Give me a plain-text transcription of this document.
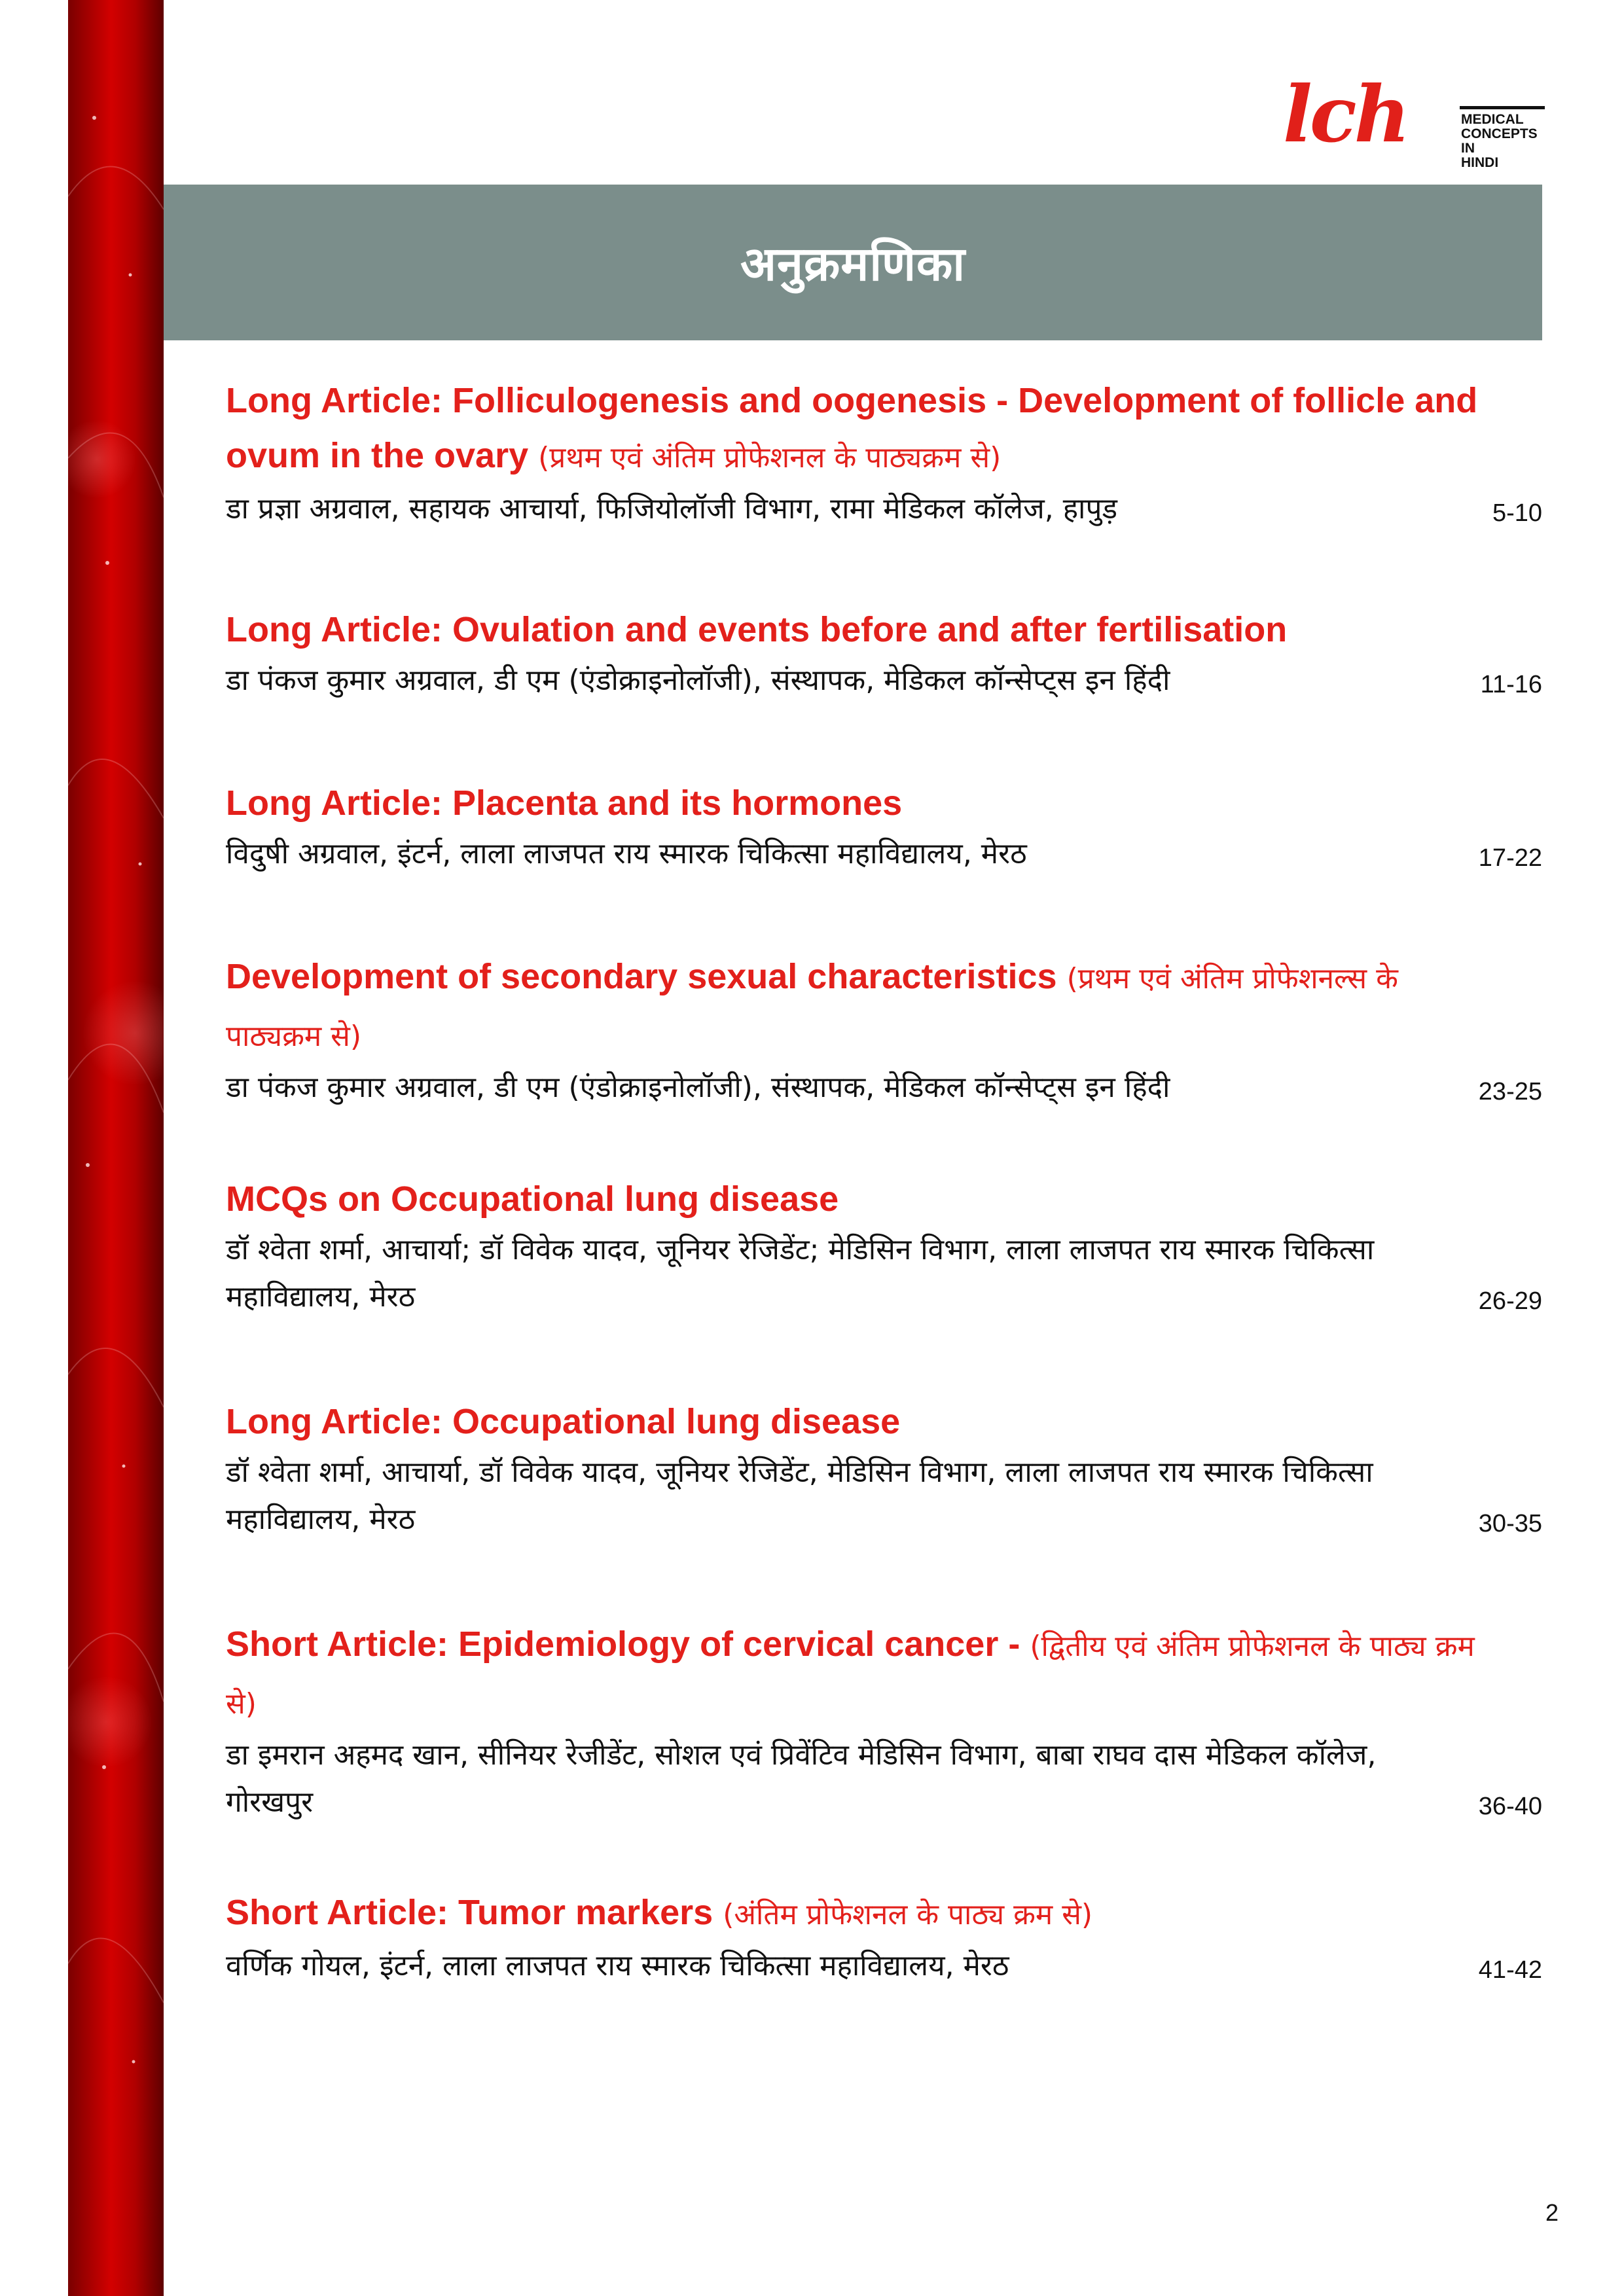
lch	MEDICAL
CONCEPTS IN
HINDI
अनुक्रमणिका

Long Article: Folliculogenesis and oogenesis - Development of follicle and ovum in the ovary (प्रथम एवं अंतिम प्रोफेशनल के पाठ्यक्रम से)

डा प्रज्ञा अग्रवाल, सहायक आचार्या, फिजियोलॉजी विभाग, रामा मेडिकल कॉलेज, हापुड़	5-10

Long Article: Ovulation and events before and after fertilisation

डा पंकज कुमार अग्रवाल, डी एम (एंडोक्राइनोलॉजी), संस्थापक, मेडिकल कॉन्सेप्ट्स इन हिंदी	11-16

Long Article: Placenta and its hormones

विदुषी अग्रवाल, इंटर्न, लाला लाजपत राय स्मारक चिकित्सा महाविद्यालय, मेरठ	17-22

Development of secondary sexual characteristics (प्रथम एवं अंतिम प्रोफेशनल्स के पाठ्यक्रम से)

डा पंकज कुमार अग्रवाल, डी एम (एंडोक्राइनोलॉजी), संस्थापक, मेडिकल कॉन्सेप्ट्स इन हिंदी	23-25

MCQs on Occupational lung disease

डॉ श्वेता शर्मा, आचार्या; डॉ विवेक यादव, जूनियर रेजिडेंट; मेडिसिन विभाग, लाला लाजपत राय स्मारक चिकित्सा महाविद्यालय, मेरठ	26-29

Long Article: Occupational lung disease

डॉ श्वेता शर्मा, आचार्या, डॉ विवेक यादव, जूनियर रेजिडेंट, मेडिसिन विभाग, लाला लाजपत राय स्मारक चिकित्सा महाविद्यालय, मेरठ	30-35

Short Article: Epidemiology of cervical cancer - (द्वितीय एवं अंतिम प्रोफेशनल के पाठ्य क्रम से)

डा इमरान अहमद खान, सीनियर रेजीडेंट, सोशल एवं प्रिवेंटिव मेडिसिन विभाग, बाबा राघव दास मेडिकल कॉलेज, गोरखपुर	36-40

Short Article: Tumor markers (अंतिम प्रोफेशनल के पाठ्य क्रम से)

वर्णिक गोयल, इंटर्न, लाला लाजपत राय स्मारक चिकित्सा महाविद्यालय, मेरठ	41-42
2
